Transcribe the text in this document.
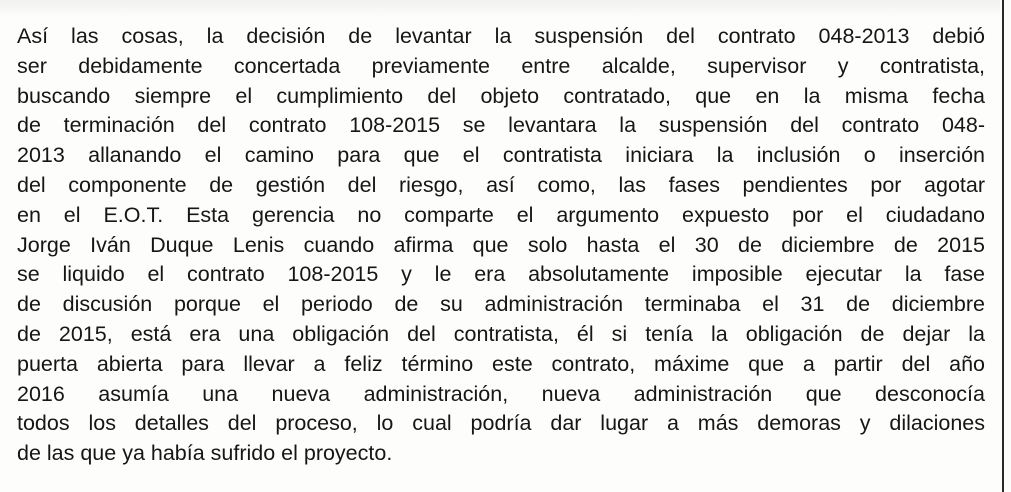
Así las cosas, la decisión de levantar la suspensión del contrato 048-2013 debió
ser debidamente concertada previamente entre alcalde, supervisor y contratista,
buscando siempre el cumplimiento del objeto contratado, que en la misma fecha
de terminación del contrato 108-2015 se levantara la suspensión del contrato 048-
2013 allanando el camino para que el contratista iniciara la inclusión o inserción
del componente de gestión del riesgo, así como, las fases pendientes por agotar
en el E.O.T. Esta gerencia no comparte el argumento expuesto por el ciudadano
Jorge Iván Duque Lenis cuando afirma que solo hasta el 30 de diciembre de 2015
se liquido el contrato 108-2015 y le era absolutamente imposible ejecutar la fase
de discusión porque el periodo de su administración terminaba el 31 de diciembre
de 2015, está era una obligación del contratista, él si tenía la obligación de dejar la
puerta abierta para llevar a feliz término este contrato, máxime que a partir del año
2016 asumía una nueva administración, nueva administración que desconocía
todos los detalles del proceso, lo cual podría dar lugar a más demoras y dilaciones
de las que ya había sufrido el proyecto.
